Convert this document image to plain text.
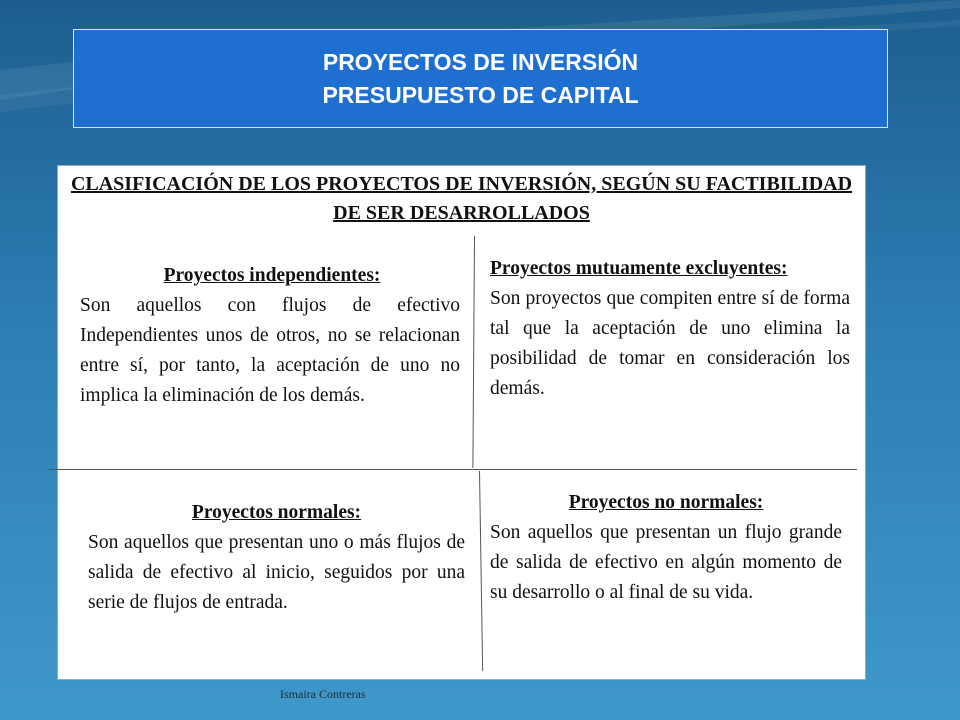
PROYECTOS DE INVERSIÓN
PRESUPUESTO DE CAPITAL
CLASIFICACIÓN DE LOS PROYECTOS DE INVERSIÓN, SEGÚN SU FACTIBILIDAD DE SER DESARROLLADOS
Proyectos independientes:
Son aquellos con flujos de efectivo Independientes unos de otros, no se relacionan entre sí, por tanto, la aceptación de uno no implica la eliminación de los demás.
Proyectos mutuamente excluyentes:
Son proyectos que compiten entre sí de forma tal que la aceptación de uno elimina la posibilidad de tomar en consideración los demás.
Proyectos normales:
Son aquellos que presentan uno o más flujos de salida de efectivo al inicio, seguidos por una serie de flujos de entrada.
Proyectos no normales:
Son aquellos que presentan un flujo grande de salida de efectivo en algún momento de su desarrollo o al final de su vida.
Ismaira Contreras
